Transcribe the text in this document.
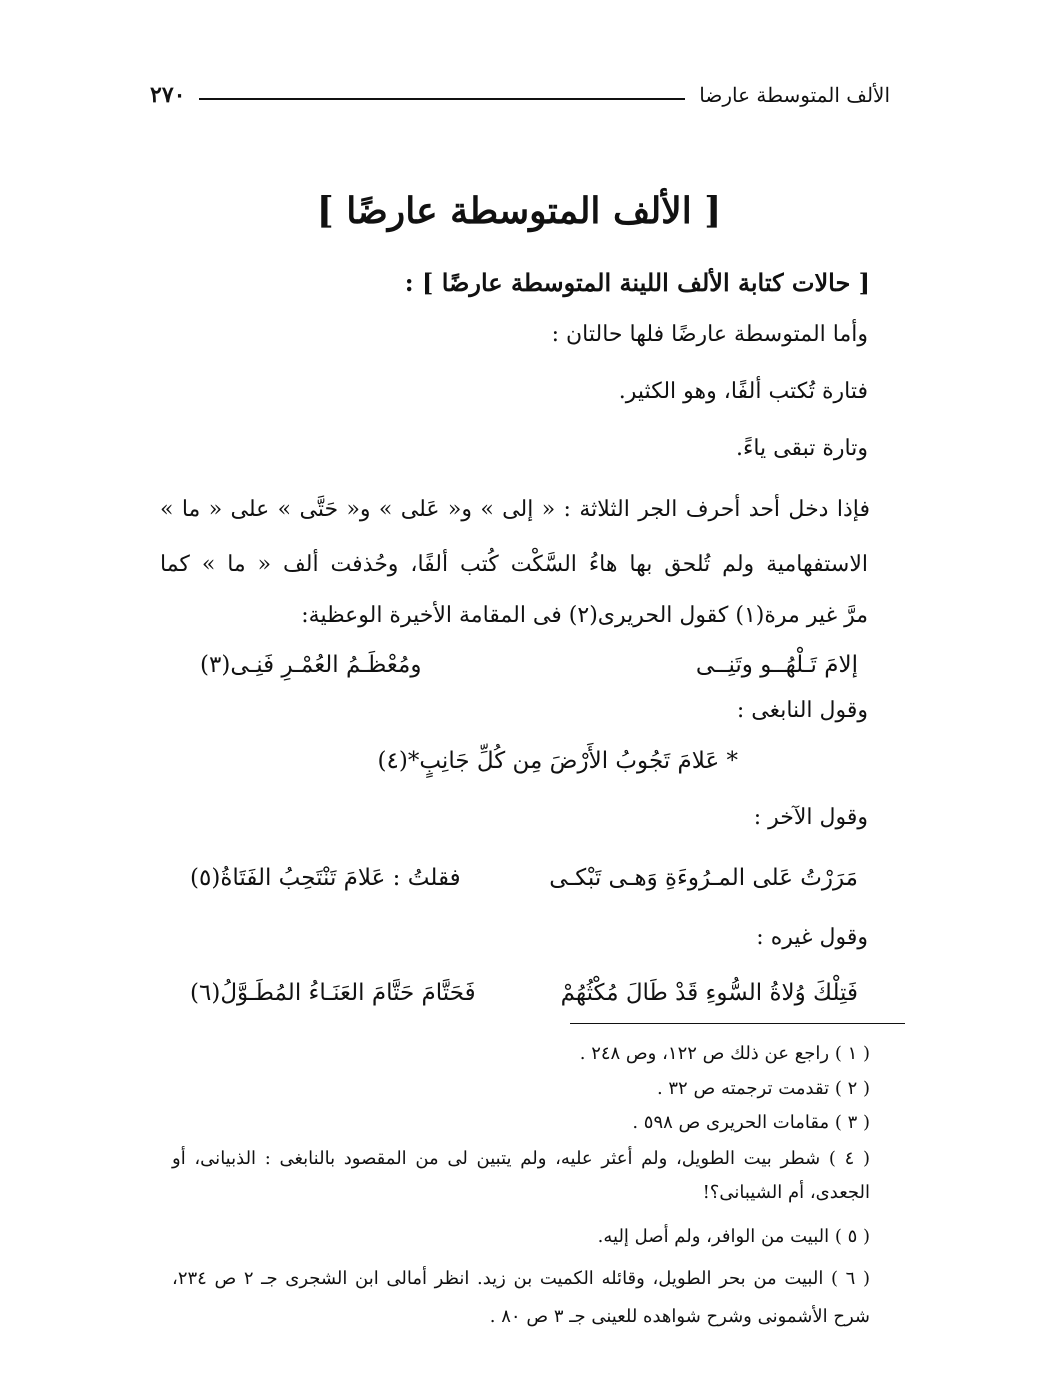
الألف المتوسطة عارضا
٢٧٠
[ الألف المتوسطة عارضًا ]
[ حالات كتابة الألف اللينة المتوسطة عارضًا ] :
وأما المتوسطة عارضًا فلها حالتان :
فتارة تُكتب ألفًا، وهو الكثير.
وتارة تبقى ياءً.
فإذا دخل أحد أحرف الجر الثلاثة : « إلى » و« عَلى » و« حَتَّى » على « ما »
الاستفهامية ولم تُلحق بها هاءُ السَّكْت كُتب ألفًا، وحُذفت ألف « ما » كما
مرَّ غير مرة(١) كقول الحريرى(٢) فى المقامة الأخيرة الوعظية:
إلامَ تَـلْهُــو وتَنِــى
ومُعْظَـمُ العُمْـرِ فَنِـى(٣)
وقول النابغى :
* عَلامَ تَجُوبُ الأَرْضَ مِن كُلِّ جَانِبٍ*(٤)
وقول الآخر :
مَرَرْتُ عَلى المـرُوءَةِ وَهـى تَبْكـى
فقلتُ : عَلامَ تَنْتَحِبُ الفَتَاةُ(٥)
وقول غيره :
فَتِلْكَ وُلاةُ السُّوءِ قَدْ طَالَ مُكْثُهُمْ
فَحَتَّامَ حَتَّامَ العَنَـاءُ المُطَـوَّلُ(٦)
( ١ ) راجع عن ذلك ص ١٢٢، وص ٢٤٨ .
( ٢ ) تقدمت ترجمته ص ٣٢ .
( ٣ ) مقامات الحريرى ص ٥٩٨ .
( ٤ ) شطر بيت الطويل، ولم أعثر عليه، ولم يتبين لى من المقصود بالنابغى : الذبيانى، أو
الجعدى، أم الشيبانى؟!
( ٥ ) البيت من الوافر، ولم أصل إليه.
( ٦ ) البيت من بحر الطويل، وقائله الكميت بن زيد. انظر أمالى ابن الشجرى جـ ٢ ص ٢٣٤،
شرح الأشمونى وشرح شواهده للعينى جـ ٣ ص ٨٠ .
